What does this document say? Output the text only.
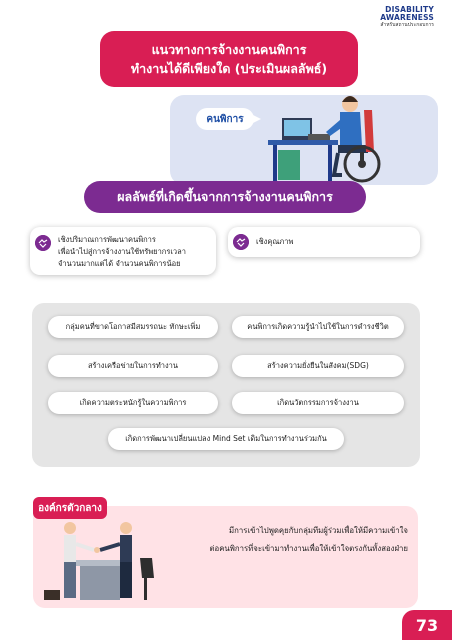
DISABILITY
AWARENESS
สำหรับสถานประกอบการ
แนวทางการจ้างงานคนพิการ
ทำงานได้ดีเพียงใด (ประเมินผลลัพธ์)
คนพิการ
ผลลัพธ์ที่เกิดขึ้นจากการจ้างงานคนพิการ
เชิงปริมาณการพัฒนาคนพิการ
เพื่อนำไปสู่การจ้างงานใช้ทรัพยากรเวลา
จำนวนมากแต่ได้ จำนวนคนพิการน้อย
เชิงคุณภาพ
กลุ่มคนที่ขาดโอกาสมีสมรรถนะ ทักษะเพิ่ม	คนพิการเกิดความรู้นำไปใช้ในการดำรงชีวิต
สร้างเครือข่ายในการทำงาน	สร้างความยั่งยืนในสังคม(SDG)
เกิดความตระหนักรู้ในความพิการ	เกิดนวัตกรรมการจ้างงาน
เกิดการพัฒนาเปลี่ยนแปลง Mind Set เดิมในการทำงานร่วมกัน
องค์กรตัวกลาง
มีการเข้าไปพูดคุยกับกลุ่มทีมผู้ร่วมเพื่อให้มีความเข้าใจ
ต่อคนพิการที่จะเข้ามาทำงานเพื่อให้เข้าใจตรงกันทั้งสองฝ่าย
73
